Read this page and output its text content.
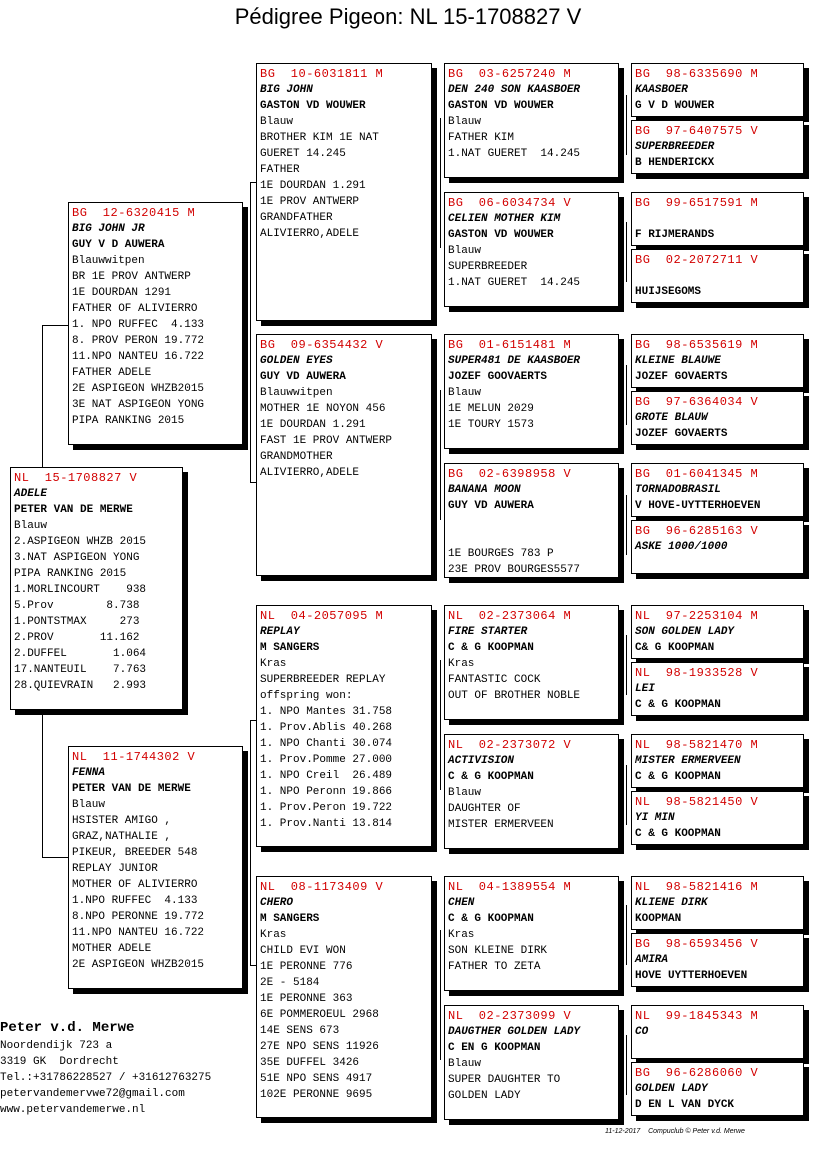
Pédigree Pigeon: NL 15-1708827 V
NL  15-1708827 V
ADELE
PETER VAN DE MERWE
Blauw
2.ASPIGEON WHZB 2015
3.NAT ASPIGEON YONG
PIPA RANKING 2015
1.MORLINCOURT    938
5.Prov        8.738
1.PONTSTMAX     273
2.PROV       11.162
2.DUFFEL       1.064
17.NANTEUIL    7.763
28.QUIEVRAIN   2.993
BG  12-6320415 M
BIG JOHN JR
GUY V D AUWERA
Blauwwitpen
BR 1E PROV ANTWERP
1E DOURDAN 1291
FATHER OF ALIVIERRO
1. NPO RUFFEC  4.133
8. PROV PERON 19.772
11.NPO NANTEU 16.722
FATHER ADELE
2E ASPIGEON WHZB2015
3E NAT ASPIGEON YONG
PIPA RANKING 2015
NL  11-1744302 V
FENNA
PETER VAN DE MERWE
Blauw
HSISTER AMIGO ,
GRAZ,NATHALIE ,
PIKEUR, BREEDER 548
REPLAY JUNIOR
MOTHER OF ALIVIERRO
1.NPO RUFFEC  4.133
8.NPO PERONNE 19.772
11.NPO NANTEU 16.722
MOTHER ADELE
2E ASPIGEON WHZB2015
BG  10-6031811 M
BIG JOHN
GASTON VD WOUWER
Blauw
BROTHER KIM 1E NAT
GUERET 14.245
FATHER
1E DOURDAN 1.291
1E PROV ANTWERP
GRANDFATHER
ALIVIERRO,ADELE
BG  09-6354432 V
GOLDEN EYES
GUY VD AUWERA
Blauwwitpen
MOTHER 1E NOYON 456
1E DOURDAN 1.291
FAST 1E PROV ANTWERP
GRANDMOTHER
ALIVIERRO,ADELE
NL  04-2057095 M
REPLAY
M SANGERS
Kras
SUPERBREEDER REPLAY
offspring won:
1. NPO Mantes 31.758
1. Prov.Ablis 40.268
1. NPO Chanti 30.074
1. Prov.Pomme 27.000
1. NPO Creil  26.489
1. NPO Peronn 19.866
1. Prov.Peron 19.722
1. Prov.Nanti 13.814
NL  08-1173409 V
CHERO
M SANGERS
Kras
CHILD EVI WON
1E PERONNE 776
2E - 5184
1E PERONNE 363
6E POMMEROEUL 2968
14E SENS 673
27E NPO SENS 11926
35E DUFFEL 3426
51E NPO SENS 4917
102E PERONNE 9695
BG  03-6257240 M
DEN 240 SON KAASBOER
GASTON VD WOUWER
Blauw
FATHER KIM
1.NAT GUERET  14.245
BG  06-6034734 V
CELIEN MOTHER KIM
GASTON VD WOUWER
Blauw
SUPERBREEDER
1.NAT GUERET  14.245
BG  01-6151481 M
SUPER481 DE KAASBOER
JOZEF GOOVAERTS
Blauw
1E MELUN 2029
1E TOURY 1573
BG  02-6398958 V
BANANA MOON
GUY VD AUWERA

1E BOURGES 783 P
23E PROV BOURGES5577
NL  02-2373064 M
FIRE STARTER
C & G KOOPMAN
Kras
FANTASTIC COCK
OUT OF BROTHER NOBLE
NL  02-2373072 V
ACTIVISION
C & G KOOPMAN
Blauw
DAUGHTER OF
MISTER ERMERVEEN
NL  04-1389554 M
CHEN
C & G KOOPMAN
Kras
SON KLEINE DIRK
FATHER TO ZETA
NL  02-2373099 V
DAUGTHER GOLDEN LADY
C EN G KOOPMAN
Blauw
SUPER DAUGHTER TO
GOLDEN LADY
BG  98-6335690 M
KAASBOER
G V D WOUWER
BG  97-6407575 V
SUPERBREEDER
B HENDERICKX
BG  99-6517591 M

F RIJMERANDS
BG  02-2072711 V

HUIJSEGOMS
BG  98-6535619 M
KLEINE BLAUWE
JOZEF GOVAERTS
BG  97-6364034 V
GROTE BLAUW
JOZEF GOVAERTS
BG  01-6041345 M
TORNADOBRASIL
V HOVE-UYTTERHOEVEN
BG  96-6285163 V
ASKE 1000/1000
NL  97-2253104 M
SON GOLDEN LADY
C& G KOOPMAN
NL  98-1933528 V
LEI
C & G KOOPMAN
NL  98-5821470 M
MISTER ERMERVEEN
C & G KOOPMAN
NL  98-5821450 V
YI MIN
C & G KOOPMAN
NL  98-5821416 M
KLIENE DIRK
KOOPMAN
BG  98-6593456 V
AMIRA
HOVE UYTTERHOEVEN
NL  99-1845343 M
CO
BG  96-6286060 V
GOLDEN LADY
D EN L VAN DYCK
Peter v.d. Merwe
Noordendijk 723 a
3319 GK  Dordrecht
Tel.:+31786228527 / +31612763275
petervandemervwe72@gmail.com
www.petervandemerwe.nl
11-12-2017    Compuclub © Peter v.d. Merwe
